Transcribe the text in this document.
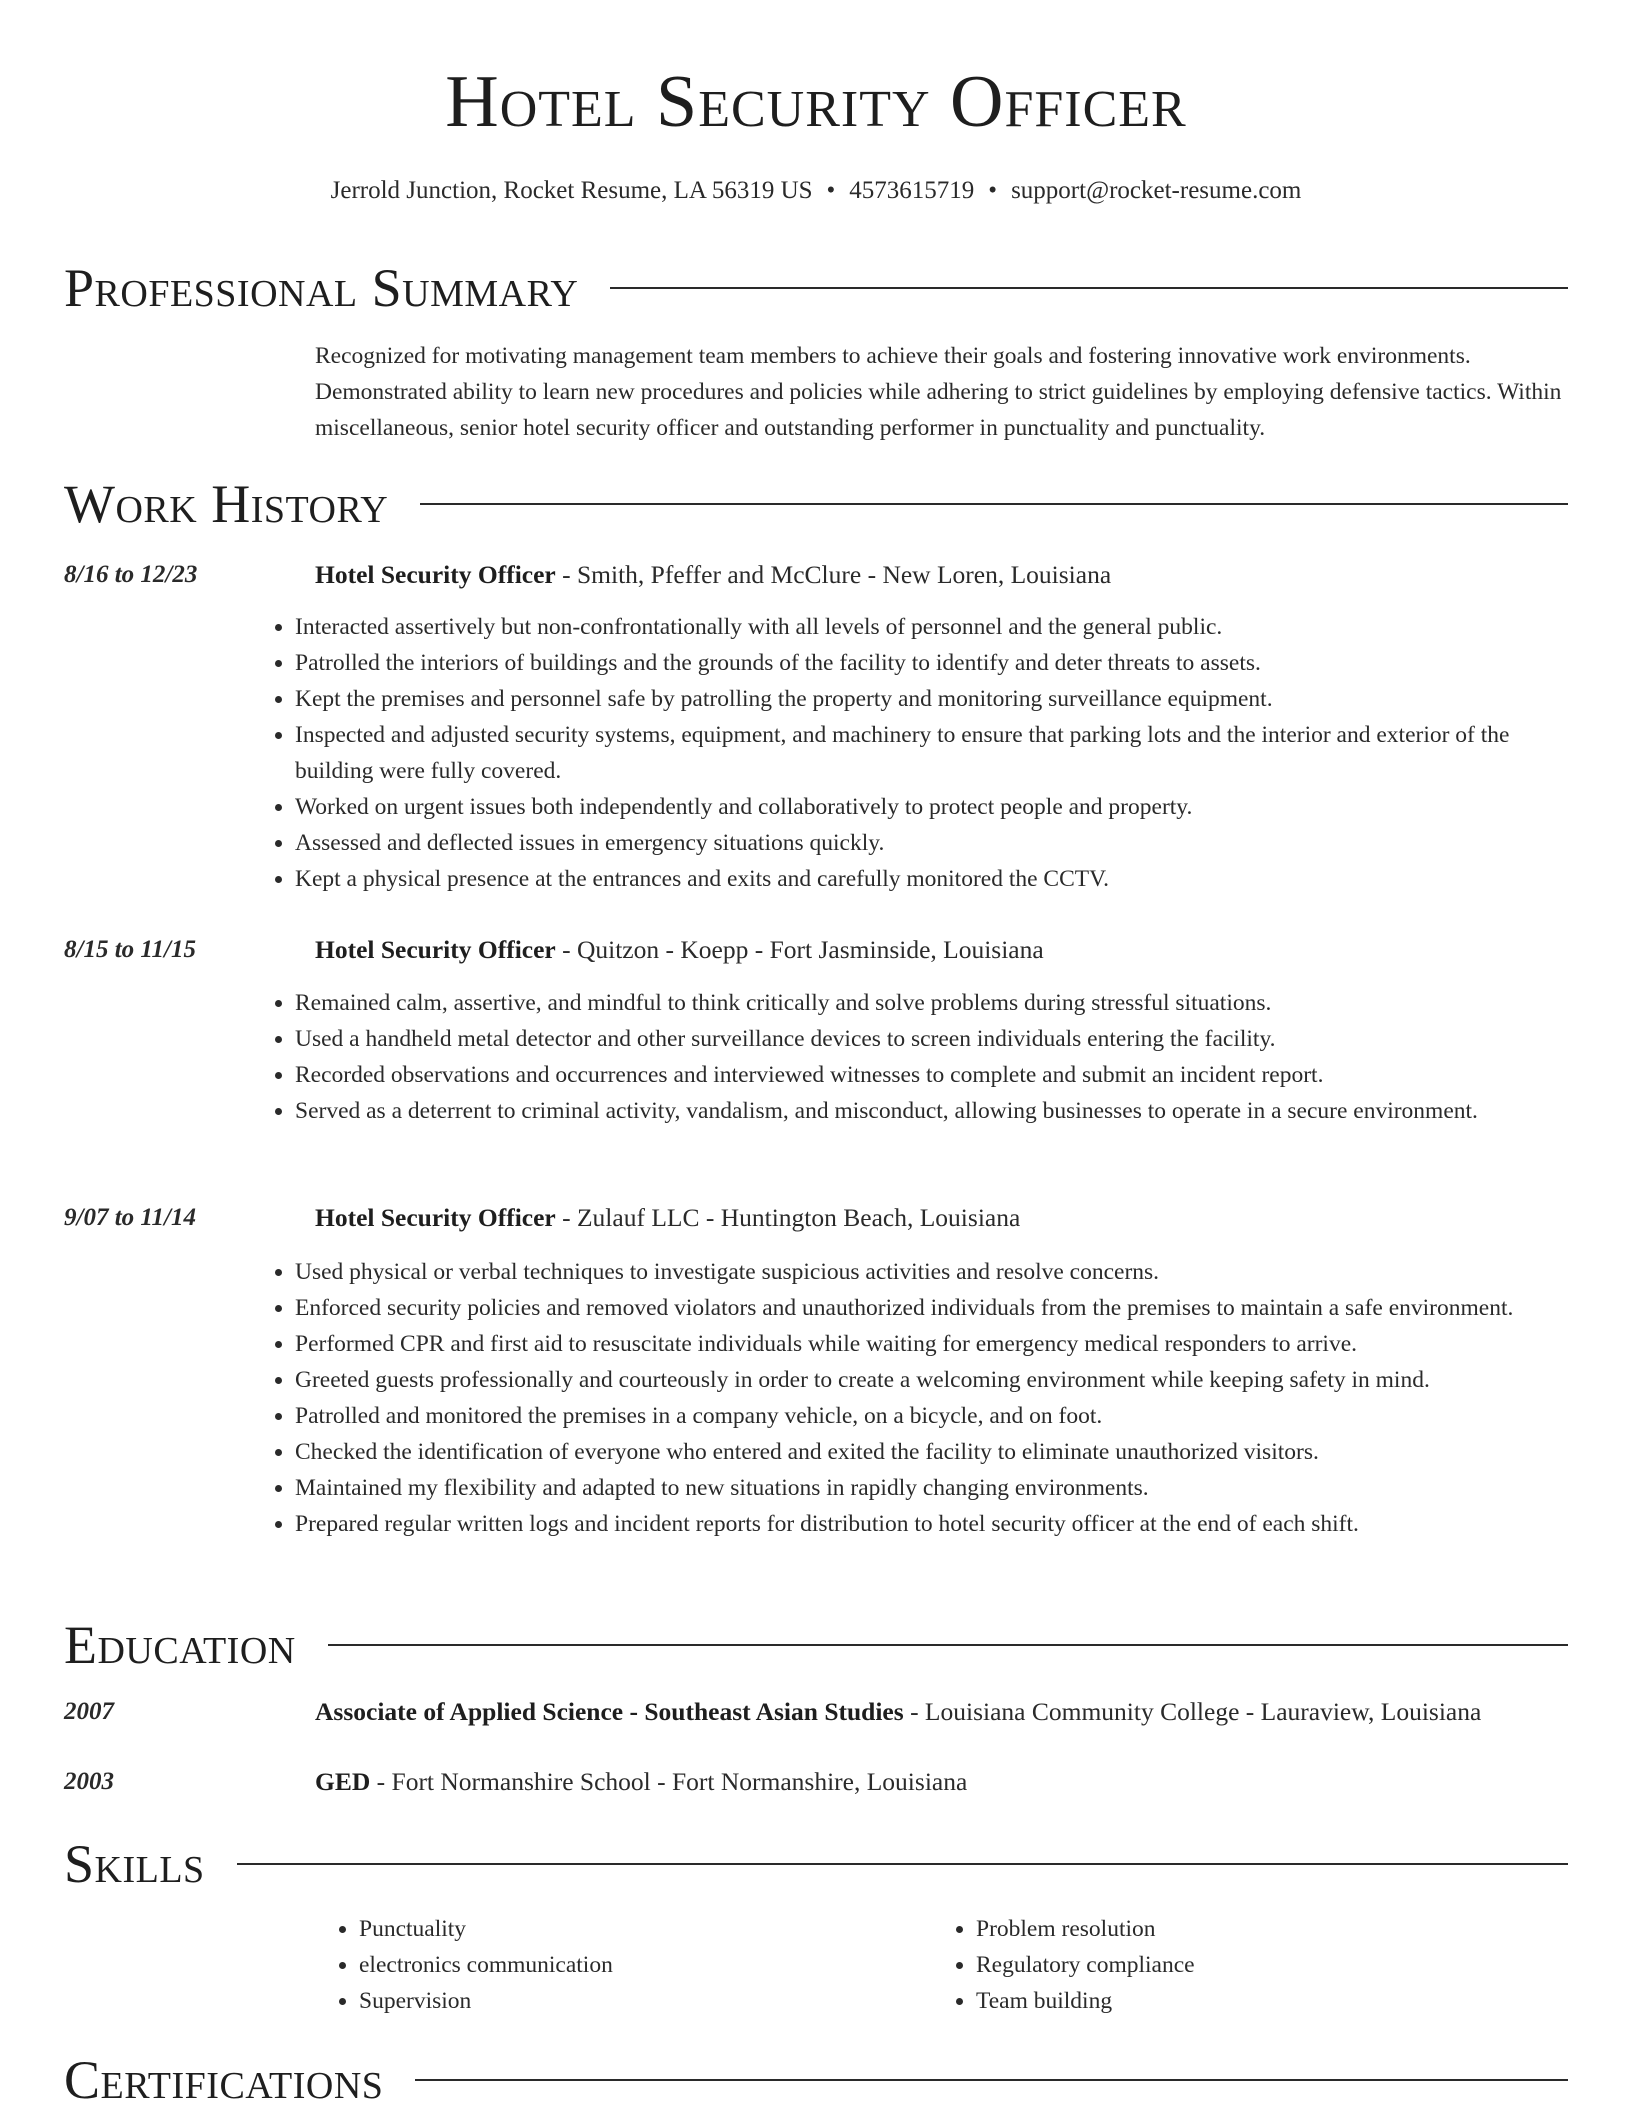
Hotel Security Officer
Jerrold Junction, Rocket Resume, LA 56319 US • 4573615719 • support@rocket-resume.com
Professional Summary
Recognized for motivating management team members to achieve their goals and fostering innovative work environments. Demonstrated ability to learn new procedures and policies while adhering to strict guidelines by employing defensive tactics. Within miscellaneous, senior hotel security officer and outstanding performer in punctuality and punctuality.
Work History
8/16 to 12/23	Hotel Security Officer - Smith, Pfeffer and McClure - New Loren, Louisiana
• Interacted assertively but non-confrontationally with all levels of personnel and the general public.
• Patrolled the interiors of buildings and the grounds of the facility to identify and deter threats to assets.
• Kept the premises and personnel safe by patrolling the property and monitoring surveillance equipment.
• Inspected and adjusted security systems, equipment, and machinery to ensure that parking lots and the interior and exterior of the building were fully covered.
• Worked on urgent issues both independently and collaboratively to protect people and property.
• Assessed and deflected issues in emergency situations quickly.
• Kept a physical presence at the entrances and exits and carefully monitored the CCTV.
8/15 to 11/15	Hotel Security Officer - Quitzon - Koepp - Fort Jasminside, Louisiana
• Remained calm, assertive, and mindful to think critically and solve problems during stressful situations.
• Used a handheld metal detector and other surveillance devices to screen individuals entering the facility.
• Recorded observations and occurrences and interviewed witnesses to complete and submit an incident report.
• Served as a deterrent to criminal activity, vandalism, and misconduct, allowing businesses to operate in a secure environment.
9/07 to 11/14	Hotel Security Officer - Zulauf LLC - Huntington Beach, Louisiana
• Used physical or verbal techniques to investigate suspicious activities and resolve concerns.
• Enforced security policies and removed violators and unauthorized individuals from the premises to maintain a safe environment.
• Performed CPR and first aid to resuscitate individuals while waiting for emergency medical responders to arrive.
• Greeted guests professionally and courteously in order to create a welcoming environment while keeping safety in mind.
• Patrolled and monitored the premises in a company vehicle, on a bicycle, and on foot.
• Checked the identification of everyone who entered and exited the facility to eliminate unauthorized visitors.
• Maintained my flexibility and adapted to new situations in rapidly changing environments.
• Prepared regular written logs and incident reports for distribution to hotel security officer at the end of each shift.
Education
2007	Associate of Applied Science - Southeast Asian Studies - Louisiana Community College - Lauraview, Louisiana
2003	GED - Fort Normanshire School - Fort Normanshire, Louisiana
Skills
• Punctuality
• electronics communication
• Supervision
• Problem resolution
• Regulatory compliance
• Team building
Certifications
